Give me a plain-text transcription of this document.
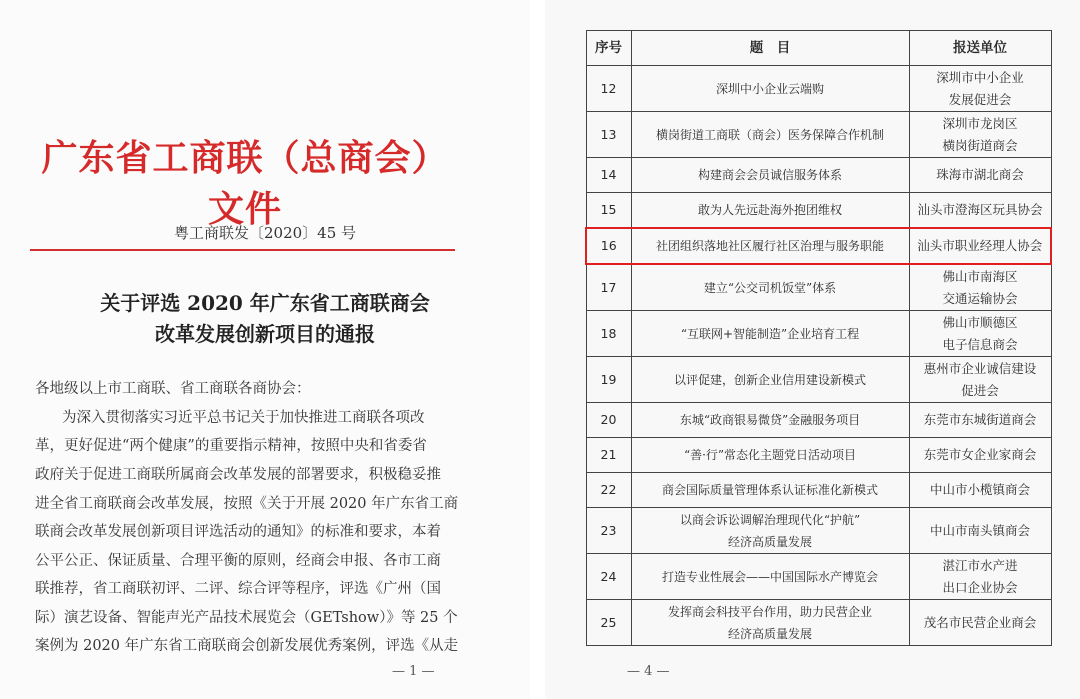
广东省工商联（总商会）文件
粤工商联发〔2020〕45 号
关于评选 2020 年广东省工商联商会
改革发展创新项目的通报
各地级以上市工商联、省工商联各商协会：
为深入贯彻落实习近平总书记关于加快推进工商联各项改
革，更好促进“两个健康”的重要指示精神，按照中央和省委省
政府关于促进工商联所属商会改革发展的部署要求，积极稳妥推
进全省工商联商会改革发展，按照《关于开展 2020 年广东省工商
联商会改革发展创新项目评选活动的通知》的标准和要求，本着
公平公正、保证质量、合理平衡的原则，经商会申报、各市工商
联推荐，省工商联初评、二评、综合评等程序，评选《广州（国
际）演艺设备、智能声光产品技术展览会（GETshow）》等 25 个
案例为 2020 年广东省工商联商会创新发展优秀案例，评选《从走
— 1 —
序号	题　目	报送单位
12	深圳中小企业云端购	深圳市中小企业
发展促进会

13	横岗街道工商联（商会）医务保障合作机制	深圳市龙岗区
横岗街道商会

14	构建商会会员诚信服务体系	珠海市湖北商会

15	敢为人先远赴海外抱团维权	汕头市澄海区玩具协会

16	社团组织落地社区履行社区治理与服务职能	汕头市职业经理人协会

17	建立“公交司机饭堂”体系	佛山市南海区
交通运输协会

18	“互联网+智能制造”企业培育工程	佛山市顺德区
电子信息商会

19	以评促建，创新企业信用建设新模式	惠州市企业诚信建设
促进会

20	东城“政商银易微贷”金融服务项目	东莞市东城街道商会

21	“善·行”常态化主题党日活动项目	东莞市女企业家商会

22	商会国际质量管理体系认证标准化新模式	中山市小榄镇商会

23	以商会诉讼调解治理现代化“护航”
经济高质量发展	中山市南头镇商会

24	打造专业性展会——中国国际水产博览会	湛江市水产进
出口企业协会

25	发挥商会科技平台作用，助力民营企业
经济高质量发展	茂名市民营企业商会
— 4 —
